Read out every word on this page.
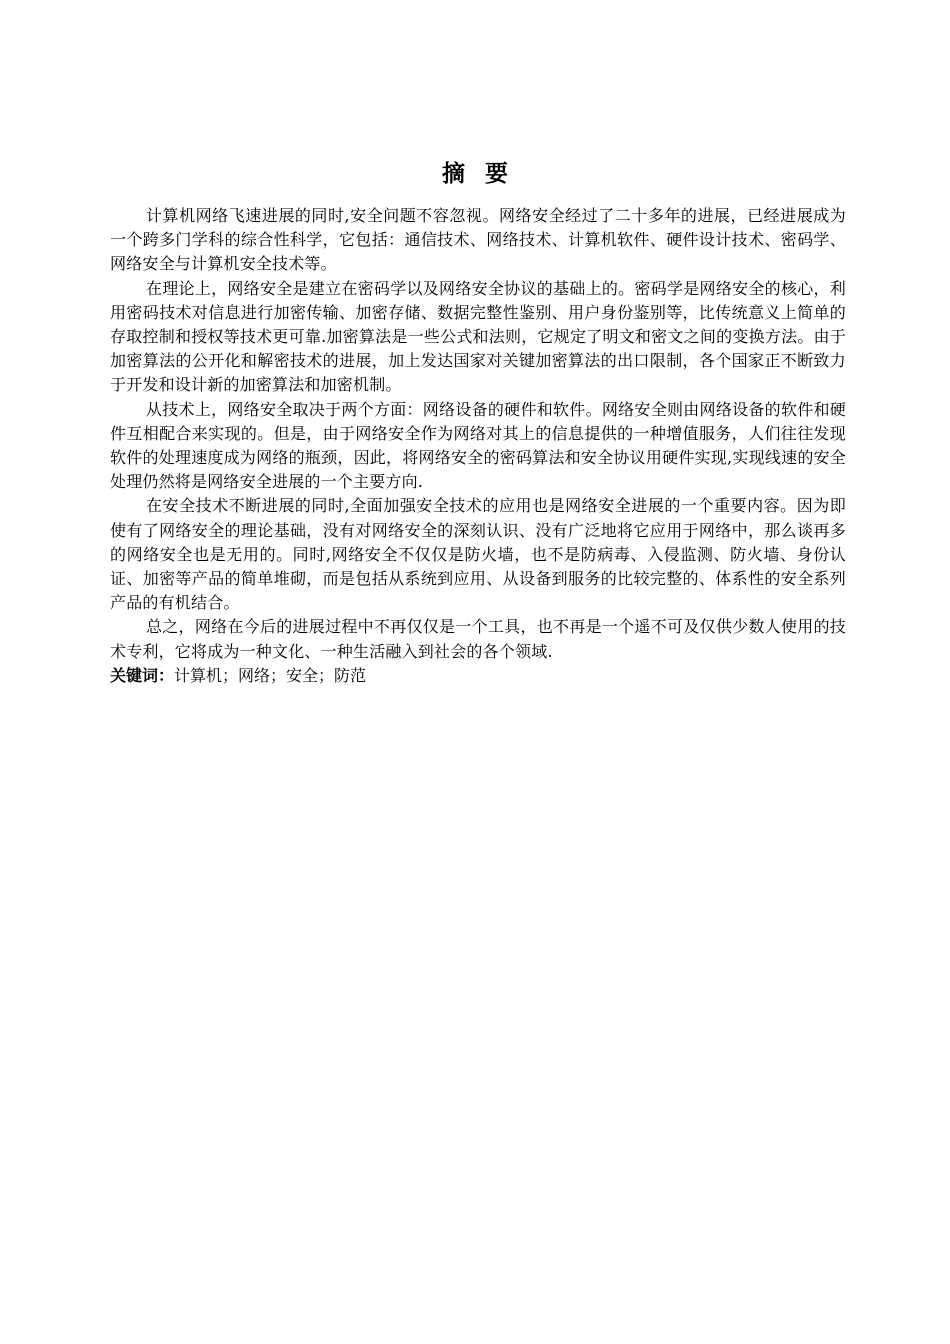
摘 要

计算机网络飞速进展的同时,安全问题不容忽视。网络安全经过了二十多年的进展，已经进展成为一个跨多门学科的综合性科学，它包括：通信技术、网络技术、计算机软件、硬件设计技术、密码学、网络安全与计算机安全技术等。

在理论上，网络安全是建立在密码学以及网络安全协议的基础上的。密码学是网络安全的核心，利用密码技术对信息进行加密传输、加密存储、数据完整性鉴别、用户身份鉴别等，比传统意义上简单的存取控制和授权等技术更可靠.加密算法是一些公式和法则，它规定了明文和密文之间的变换方法。由于加密算法的公开化和解密技术的进展，加上发达国家对关键加密算法的出口限制，各个国家正不断致力于开发和设计新的加密算法和加密机制。

从技术上，网络安全取决于两个方面：网络设备的硬件和软件。网络安全则由网络设备的软件和硬件互相配合来实现的。但是，由于网络安全作为网络对其上的信息提供的一种增值服务，人们往往发现软件的处理速度成为网络的瓶颈，因此，将网络安全的密码算法和安全协议用硬件实现,实现线速的安全处理仍然将是网络安全进展的一个主要方向.

在安全技术不断进展的同时,全面加强安全技术的应用也是网络安全进展的一个重要内容。因为即使有了网络安全的理论基础，没有对网络安全的深刻认识、没有广泛地将它应用于网络中，那么谈再多的网络安全也是无用的。同时,网络安全不仅仅是防火墙，也不是防病毒、入侵监测、防火墙、身份认证、加密等产品的简单堆砌，而是包括从系统到应用、从设备到服务的比较完整的、体系性的安全系列产品的有机结合。

总之，网络在今后的进展过程中不再仅仅是一个工具，也不再是一个遥不可及仅供少数人使用的技术专利，它将成为一种文化、一种生活融入到社会的各个领域.

关键词：计算机；网络；安全；防范
